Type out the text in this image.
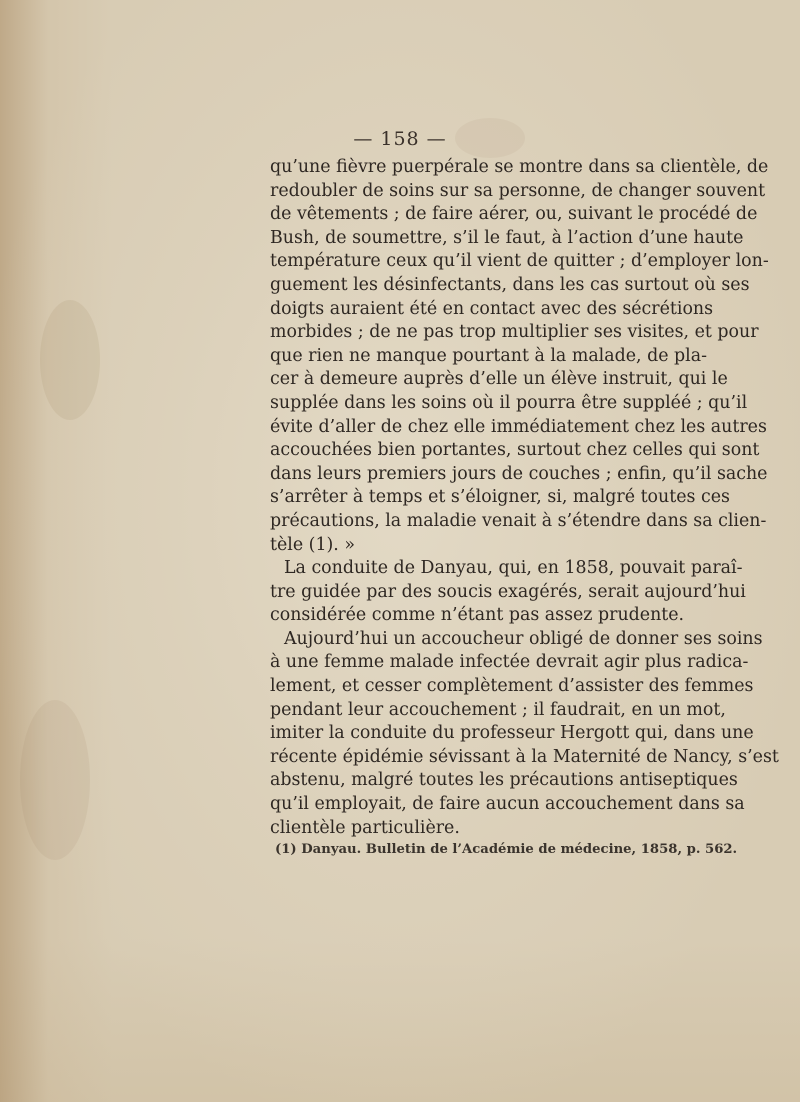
— 158 —
qu’une fièvre puerpérale se montre dans sa clientèle, de
redoubler de soins sur sa personne, de changer souvent
de vêtements ; de faire aérer, ou, suivant le procédé de
Bush, de soumettre, s’il le faut, à l’action d’une haute
température ceux qu’il vient de quitter ; d’employer lon-
guement les désinfectants, dans les cas surtout où ses
doigts auraient été en contact avec des sécrétions
morbides ; de ne pas trop multiplier ses visites, et pour
que rien ne manque pourtant à la malade, de pla-
cer à demeure auprès d’elle un élève instruit, qui le
supplée dans les soins où il pourra être suppléé ; qu’il
évite d’aller de chez elle immédiatement chez les autres
accouchées bien portantes, surtout chez celles qui sont
dans leurs premiers jours de couches ; enfin, qu’il sache
s’arrêter à temps et s’éloigner, si, malgré toutes ces
précautions, la maladie venait à s’étendre dans sa clien-
tèle (1). »
La conduite de Danyau, qui, en 1858, pouvait paraî-
tre guidée par des soucis exagérés, serait aujourd’hui
considérée comme n’étant pas assez prudente.
Aujourd’hui un accoucheur obligé de donner ses soins
à une femme malade infectée devrait agir plus radica-
lement, et cesser complètement d’assister des femmes
pendant leur accouchement ; il faudrait, en un mot,
imiter la conduite du professeur Hergott qui, dans une
récente épidémie sévissant à la Maternité de Nancy, s’est
abstenu, malgré toutes les précautions antiseptiques
qu’il employait, de faire aucun accouchement dans sa
clientèle particulière.
(1) Danyau. Bulletin de l’Académie de médecine, 1858, p. 562.
